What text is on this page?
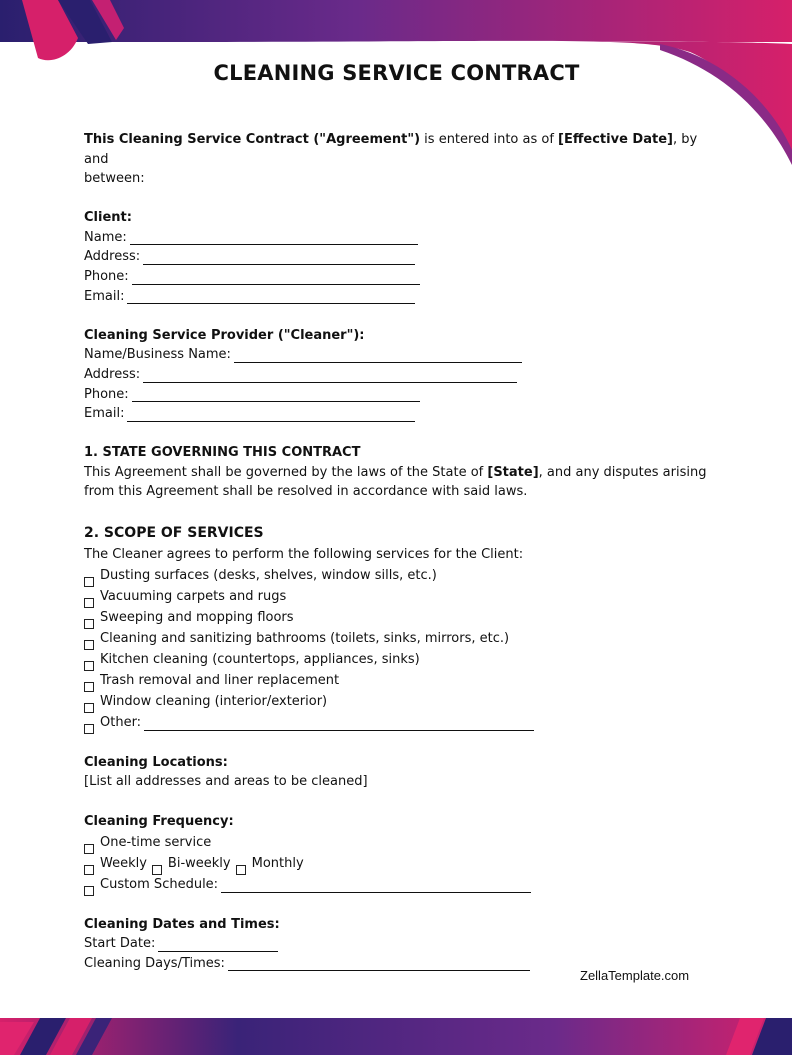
CLEANING SERVICE CONTRACT

This Cleaning Service Contract ("Agreement") is entered into as of [Effective Date], by and
between:

Client:
Name:
Address:
Phone:
Email:
Cleaning Service Provider ("Cleaner"):
Name/Business Name:
Address:
Phone:
Email:
1. STATE GOVERNING THIS CONTRACT

This Agreement shall be governed by the laws of the State of [State], and any disputes arising
from this Agreement shall be resolved in accordance with said laws.

2. SCOPE OF SERVICES
The Cleaner agrees to perform the following services for the Client:
Dusting surfaces (desks, shelves, window sills, etc.)
Vacuuming carpets and rugs
Sweeping and mopping floors
Cleaning and sanitizing bathrooms (toilets, sinks, mirrors, etc.)
Kitchen cleaning (countertops, appliances, sinks)
Trash removal and liner replacement
Window cleaning (interior/exterior)
Other:
Cleaning Locations:
[List all addresses and areas to be cleaned]
Cleaning Frequency:
One-time service
Weekly Bi-weekly Monthly
Custom Schedule:
Cleaning Dates and Times:
Start Date:
Cleaning Days/Times:
ZellaTemplate.com
